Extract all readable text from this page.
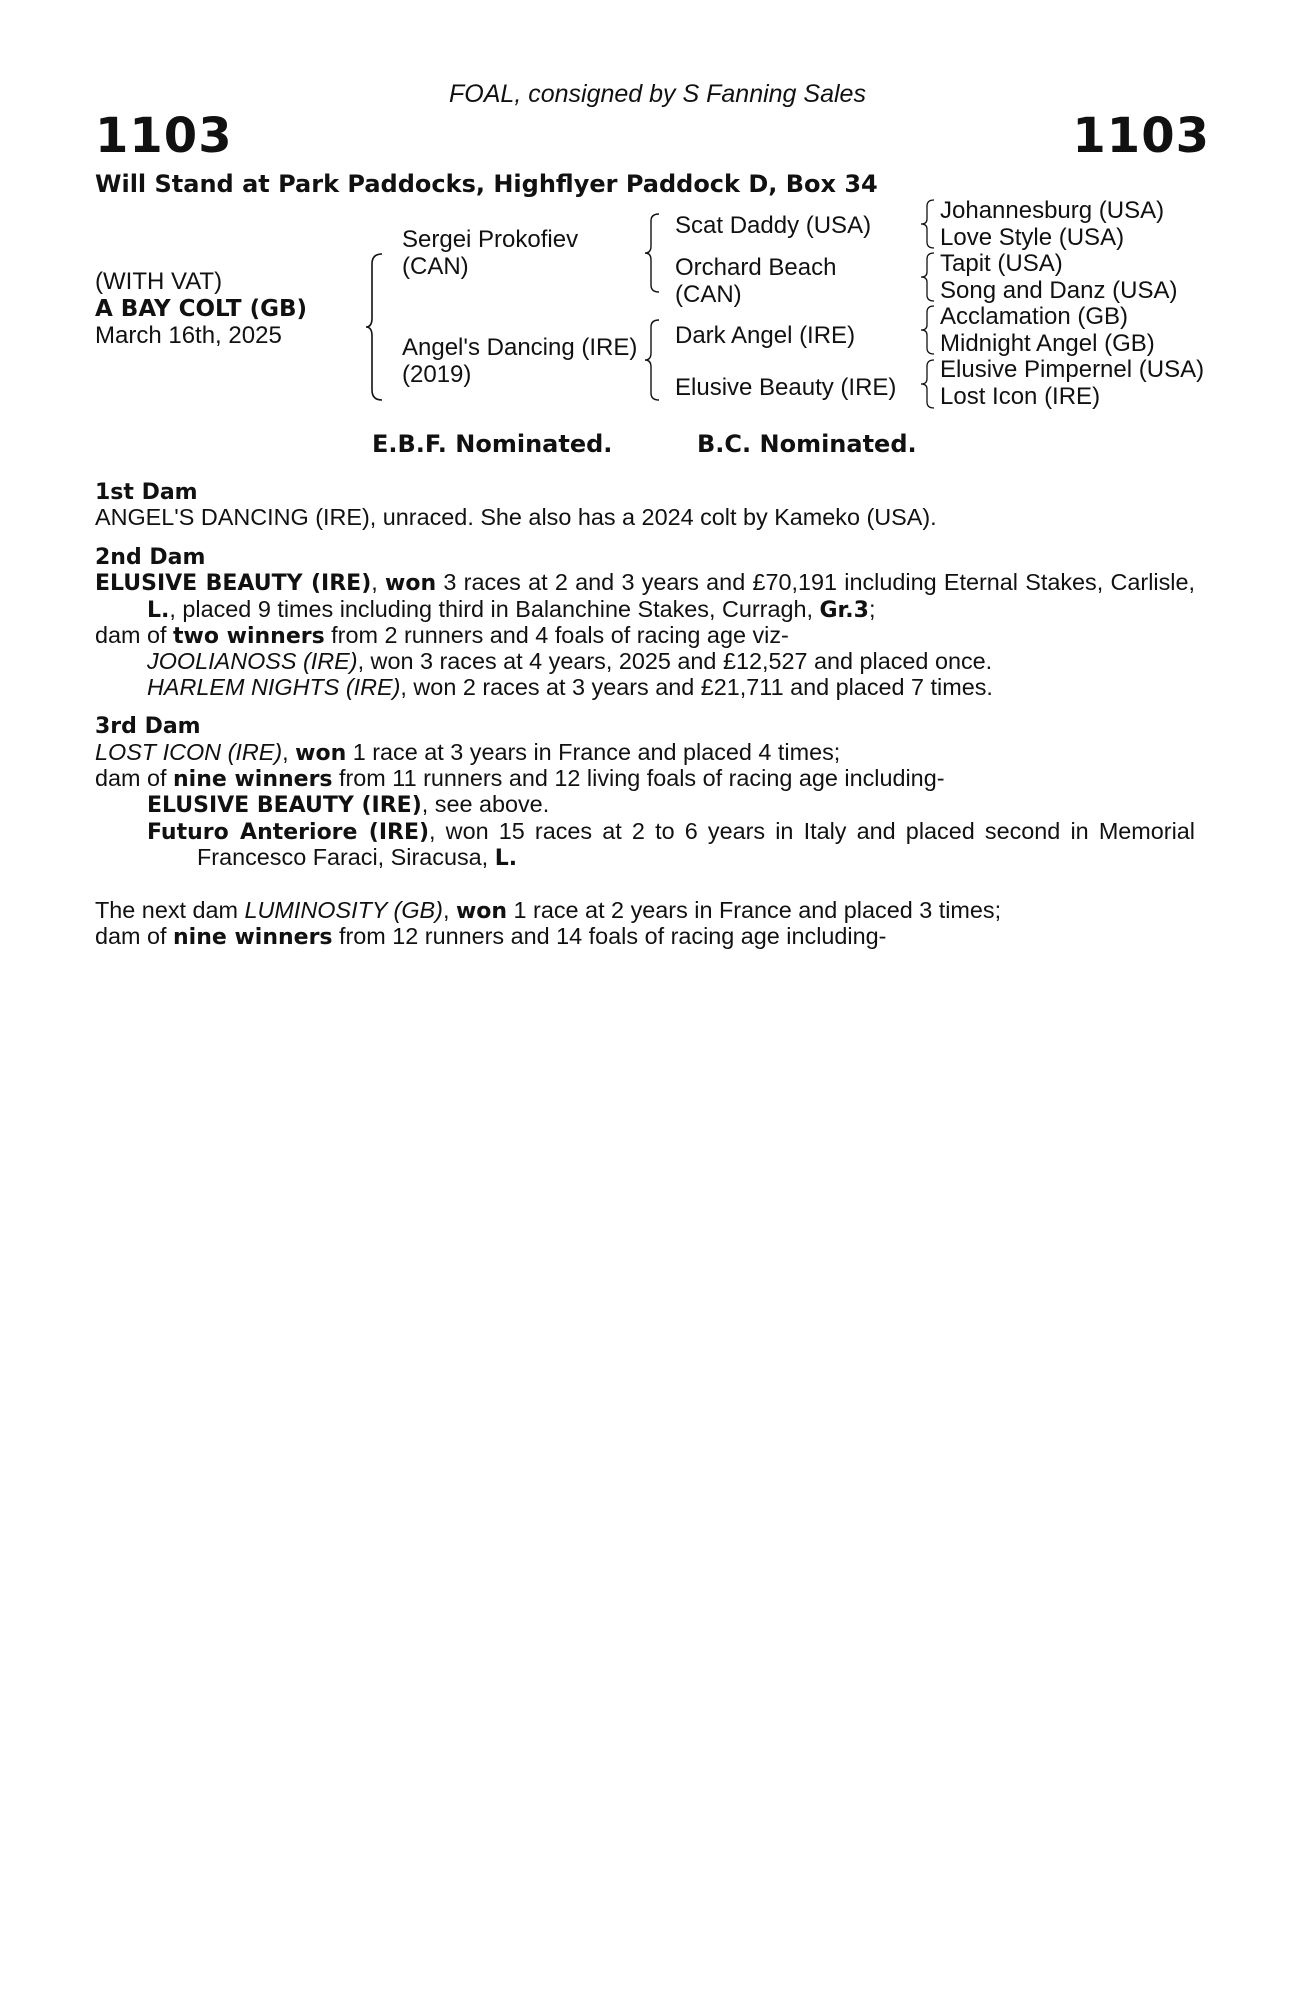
FOAL, consigned by S Fanning Sales
1103	1103
Will Stand at Park Paddocks, Highflyer Paddock D, Box 34
(WITH VAT)
A BAY COLT (GB)
March 16th, 2025
Sergei Prokofiev
(CAN)
Angel's Dancing (IRE)
(2019)
Scat Daddy (USA)
Orchard Beach
(CAN)
Dark Angel (IRE)
Elusive Beauty (IRE)
Johannesburg (USA)
Love Style (USA)
Tapit (USA)
Song and Danz (USA)
Acclamation (GB)
Midnight Angel (GB)
Elusive Pimpernel (USA)
Lost Icon (IRE)
E.B.F. Nominated.	B.C. Nominated.

1st Dam

ANGEL'S DANCING (IRE), unraced. She also has a 2024 colt by Kameko (USA).

2nd Dam

ELUSIVE BEAUTY (IRE), won 3 races at 2 and 3 years and £70,191 including Eternal Stakes, Carlisle, L., placed 9 times including third in Balanchine Stakes, Curragh, Gr.3;

dam of two winners from 2 runners and 4 foals of racing age viz-

JOOLIANOSS (IRE), won 3 races at 4 years, 2025 and £12,527 and placed once.

HARLEM NIGHTS (IRE), won 2 races at 3 years and £21,711 and placed 7 times.

3rd Dam

LOST ICON (IRE), won 1 race at 3 years in France and placed 4 times;

dam of nine winners from 11 runners and 12 living foals of racing age including-

ELUSIVE BEAUTY (IRE), see above.

Futuro Anteriore (IRE), won 15 races at 2 to 6 years in Italy and placed second in Memorial Francesco Faraci, Siracusa, L.

The next dam LUMINOSITY (GB), won 1 race at 2 years in France and placed 3 times;

dam of nine winners from 12 runners and 14 foals of racing age including-
